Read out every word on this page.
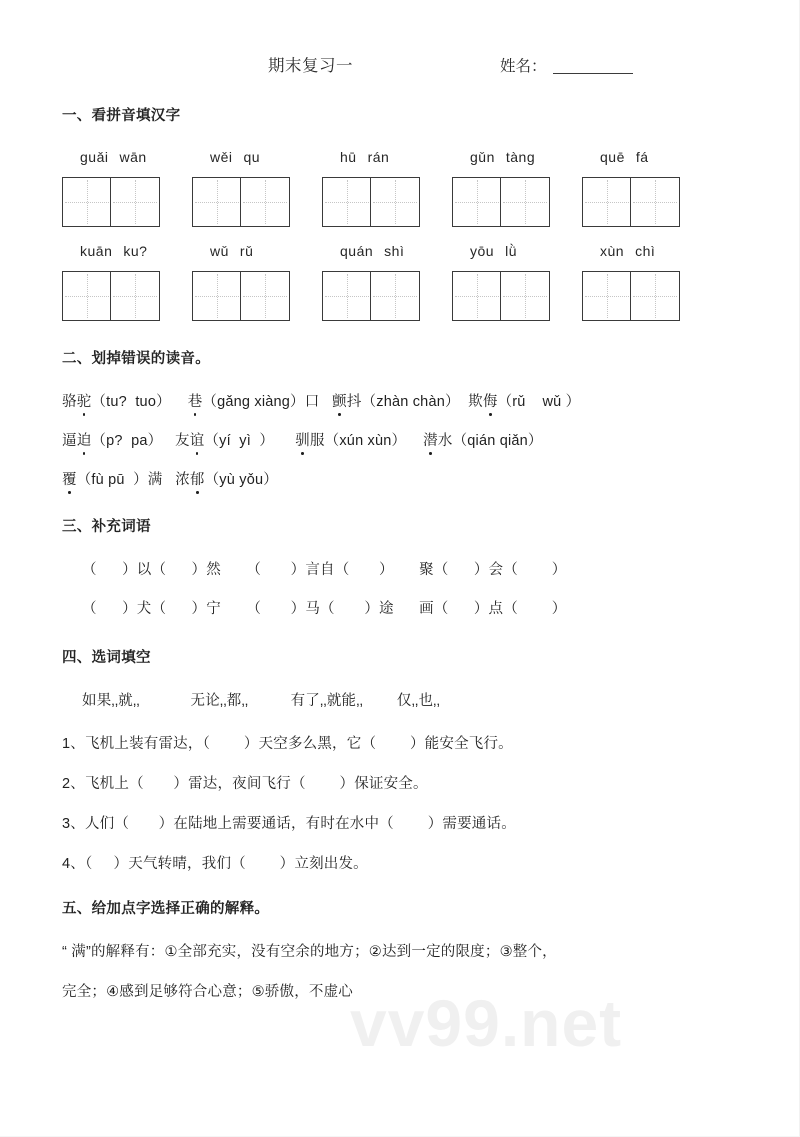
vv99.net
期末复习一	姓名：
一、看拼音填汉字
guǎi wān	wěi qu	hū rán	gǔn tàng	quē fá
kuān ku?	wǔ rǔ	quán shì	yōu lǜ	xùn chì
二、划掉错误的读音。
骆驼（tu?  tuo） 巷（gǎng xiàng）口 颤抖（zhàn chàn） 欺侮（rǔ    wǔ ）
逼迫（p?  pa） 友谊（yí  yì  ） 驯服（xún xùn） 潜水（qián qiǎn）
覆（fù pū  ）满 浓郁（yù yǒu）
三、补充词语
（      ）以（      ）然      （       ）言自（       ）      聚（      ）会（        ）
（      ）犬（      ）宁      （       ）马（       ）途      画（      ）点（        ）
四、选词填空
如果‚‚就‚‚            无论‚‚都‚‚          有了‚‚就能‚‚        仅‚‚也‚‚
1、飞机上装有雷达，（        ）天空多么黑，它（        ）能安全飞行。
2、飞机上（       ）雷达，夜间飞行（        ）保证安全。
3、人们（       ）在陆地上需要通话，有时在水中（        ）需要通话。
4、（     ）天气转晴，我们（        ）立刻出发。
五、给加点字选择正确的解释。
“ 满”的解释有：①全部充实，没有空余的地方；②达到一定的限度；③整个，
完全；④感到足够符合心意；⑤骄傲，不虚心
